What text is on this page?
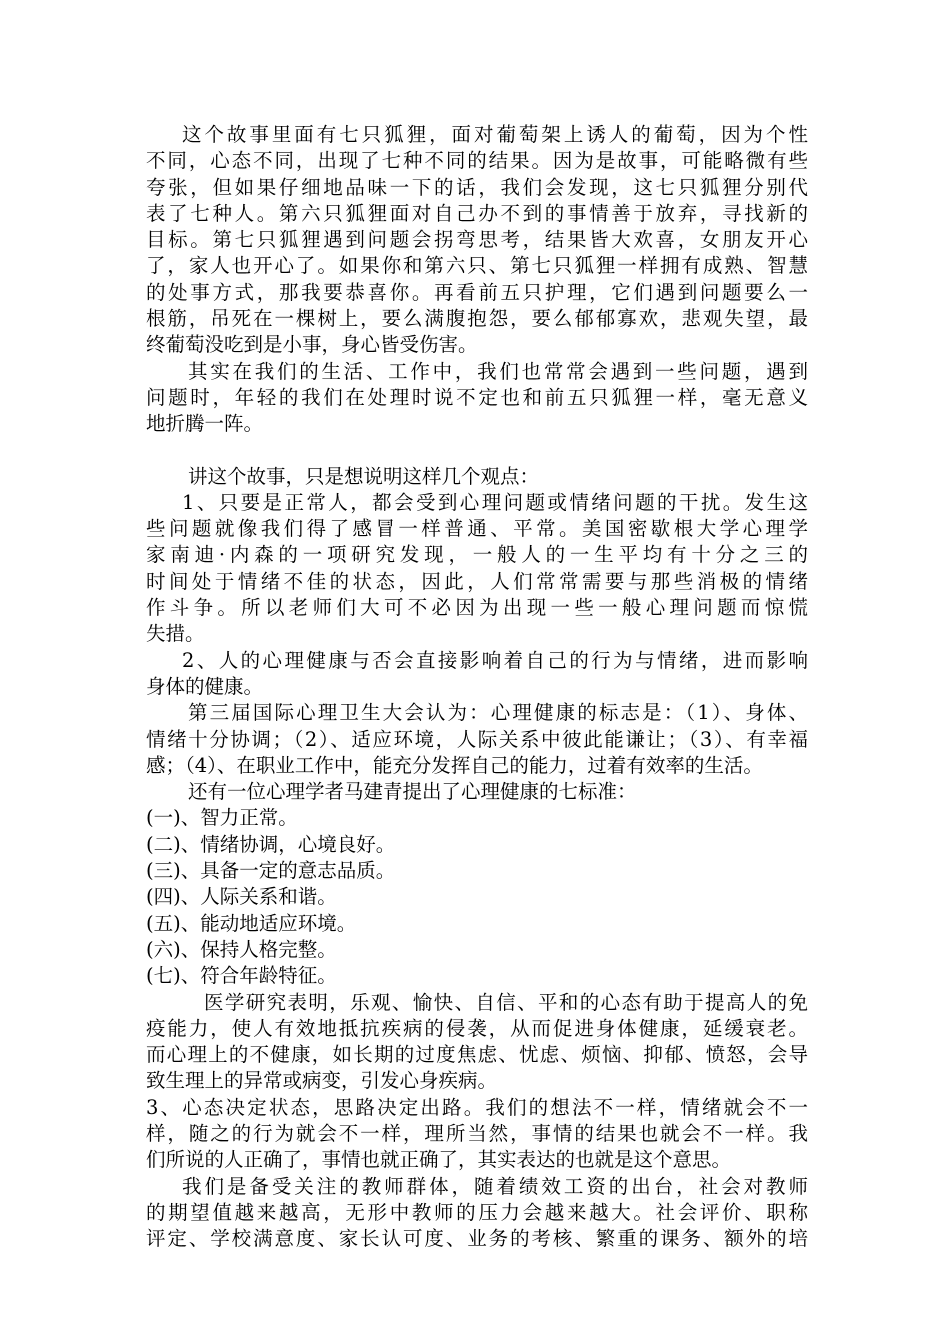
这个故事里面有七只狐狸，面对葡萄架上诱人的葡萄，因为个性
不同，心态不同，出现了七种不同的结果。因为是故事，可能略微有些
夸张，但如果仔细地品味一下的话，我们会发现，这七只狐狸分别代
表了七种人。第六只狐狸面对自己办不到的事情善于放弃，寻找新的
目标。第七只狐狸遇到问题会拐弯思考，结果皆大欢喜，女朋友开心
了，家人也开心了。如果你和第六只、第七只狐狸一样拥有成熟、智慧
的处事方式，那我要恭喜你。再看前五只护理，它们遇到问题要么一
根筋，吊死在一棵树上，要么满腹抱怨，要么郁郁寡欢，悲观失望，最
终葡萄没吃到是小事，身心皆受伤害。
其实在我们的生活、工作中，我们也常常会遇到一些问题，遇到
问题时，年轻的我们在处理时说不定也和前五只狐狸一样，毫无意义
地折腾一阵。
讲这个故事，只是想说明这样几个观点：
1、只要是正常人，都会受到心理问题或情绪问题的干扰。发生这
些问题就像我们得了感冒一样普通、平常。美国密歇根大学心理学
家南迪·内森的一项研究发现，一般人的一生平均有十分之三的
时间处于情绪不佳的状态，因此，人们常常需要与那些消极的情绪
作斗争。所以老师们大可不必因为出现一些一般心理问题而惊慌
失措。
2、人的心理健康与否会直接影响着自己的行为与情绪，进而影响
身体的健康。
第三届国际心理卫生大会认为：心理健康的标志是：（1）、身体、
情绪十分协调；（2）、适应环境，人际关系中彼此能谦让；（3）、有幸福
感；（4）、在职业工作中，能充分发挥自己的能力，过着有效率的生活。
还有一位心理学者马建青提出了心理健康的七标准：
(一)、智力正常。
(二)、情绪协调，心境良好。
(三)、具备一定的意志品质。
(四)、人际关系和谐。
(五)、能动地适应环境。
(六)、保持人格完整。
(七)、符合年龄特征。
医学研究表明，乐观、愉快、自信、平和的心态有助于提高人的免
疫能力，使人有效地抵抗疾病的侵袭，从而促进身体健康，延缓衰老。
而心理上的不健康，如长期的过度焦虑、忧虑、烦恼、抑郁、愤怒，会导
致生理上的异常或病变，引发心身疾病。
3、心态决定状态，思路决定出路。我们的想法不一样，情绪就会不一
样，随之的行为就会不一样，理所当然，事情的结果也就会不一样。我
们所说的人正确了，事情也就正确了，其实表达的也就是这个意思。
我们是备受关注的教师群体，随着绩效工资的出台，社会对教师
的期望值越来越高，无形中教师的压力会越来越大。社会评价、职称
评定、学校满意度、家长认可度、业务的考核、繁重的课务、额外的培
